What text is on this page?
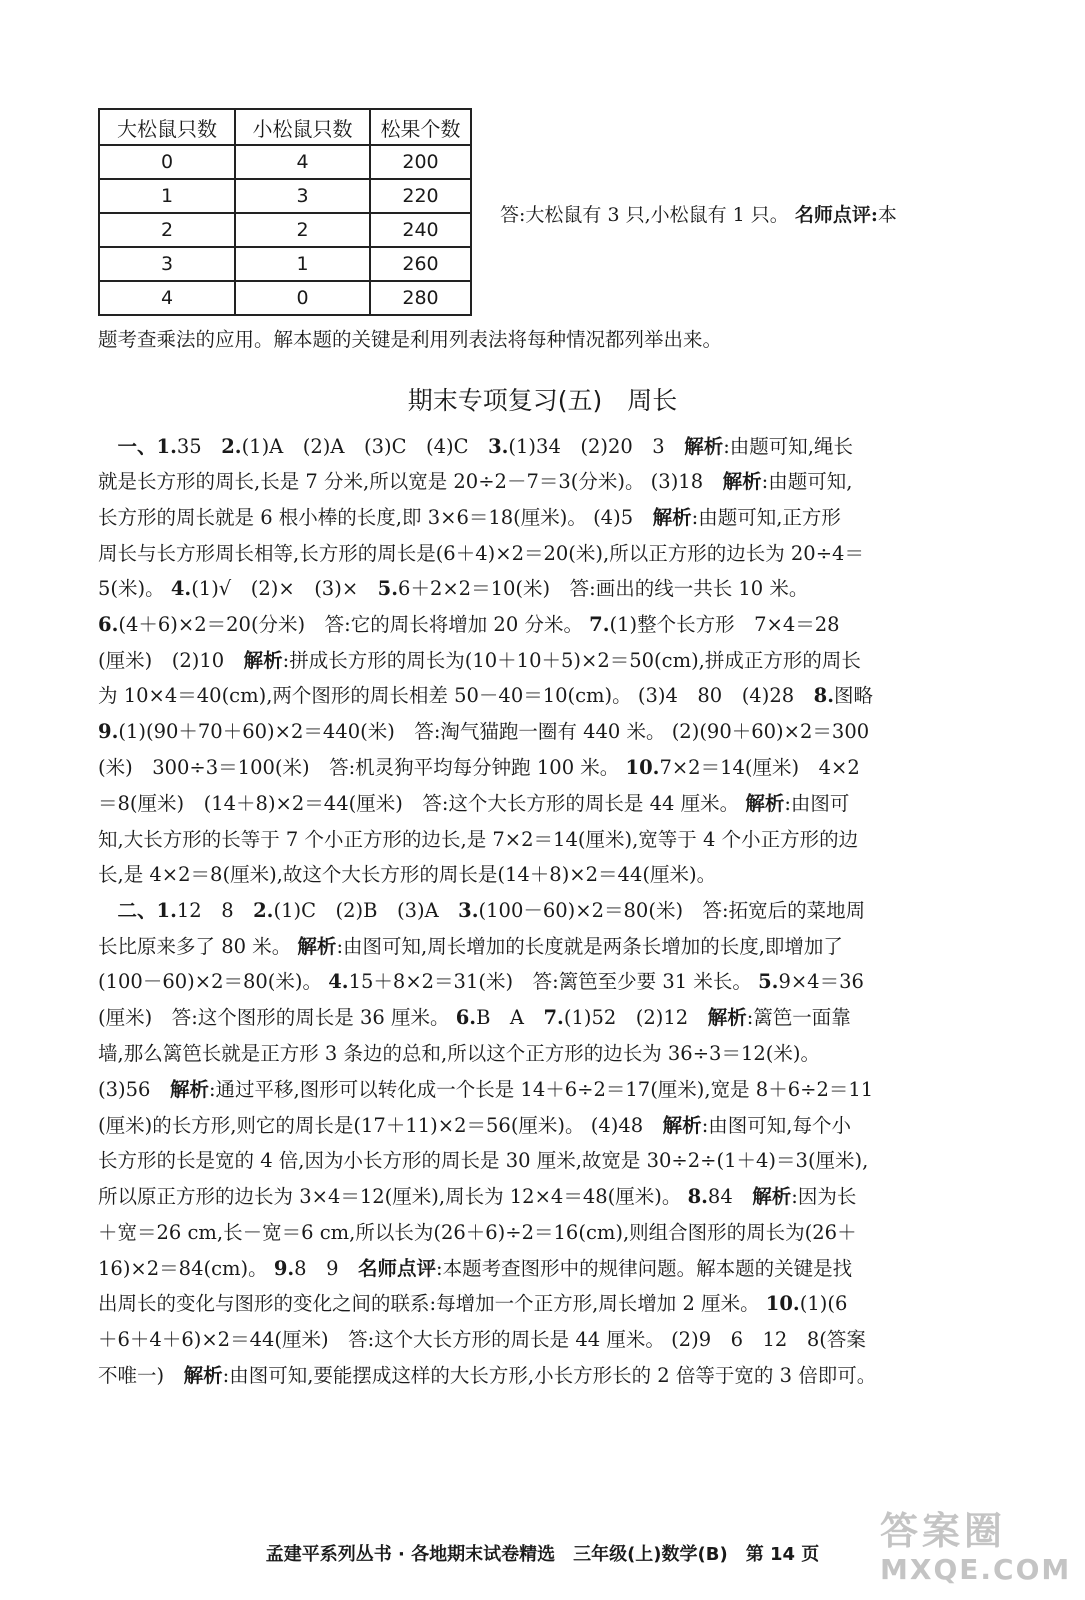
大松鼠只数	小松鼠只数	松果个数
0	4	200
1	3	220
2	2	240
3	1	260
4	0	280
答:大松鼠有 3 只,小松鼠有 1 只。 名师点评:本
题考查乘法的应用。解本题的关键是利用列表法将每种情况都列举出来。
期末专项复习(五)　周长
　一、1.35　2.(1)A　(2)A　(3)C　(4)C　3.(1)34　(2)20　3　解析:由题可知,绳长
就是长方形的周长,长是 7 分米,所以宽是 20÷2－7＝3(分米)。 (3)18　解析:由题可知,
长方形的周长就是 6 根小棒的长度,即 3×6＝18(厘米)。 (4)5　解析:由题可知,正方形
周长与长方形周长相等,长方形的周长是(6＋4)×2＝20(米),所以正方形的边长为 20÷4＝
5(米)。 4.(1)√　(2)×　(3)×　5.6＋2×2＝10(米)　答:画出的线一共长 10 米。
6.(4＋6)×2＝20(分米)　答:它的周长将增加 20 分米。 7.(1)整个长方形　7×4＝28
(厘米)　(2)10　解析:拼成长方形的周长为(10＋10＋5)×2＝50(cm),拼成正方形的周长
为 10×4＝40(cm),两个图形的周长相差 50－40＝10(cm)。 (3)4　80　(4)28　8.图略
9.(1)(90＋70＋60)×2＝440(米)　答:淘气猫跑一圈有 440 米。 (2)(90＋60)×2＝300
(米)　300÷3＝100(米)　答:机灵狗平均每分钟跑 100 米。 10.7×2＝14(厘米)　4×2
＝8(厘米)　(14＋8)×2＝44(厘米)　答:这个大长方形的周长是 44 厘米。 解析:由图可
知,大长方形的长等于 7 个小正方形的边长,是 7×2＝14(厘米),宽等于 4 个小正方形的边
长,是 4×2＝8(厘米),故这个大长方形的周长是(14＋8)×2＝44(厘米)。
　二、1.12　8　2.(1)C　(2)B　(3)A　3.(100－60)×2＝80(米)　答:拓宽后的菜地周
长比原来多了 80 米。 解析:由图可知,周长增加的长度就是两条长增加的长度,即增加了
(100－60)×2＝80(米)。 4.15＋8×2＝31(米)　答:篱笆至少要 31 米长。 5.9×4＝36
(厘米)　答:这个图形的周长是 36 厘米。 6.B　A　7.(1)52　(2)12　解析:篱笆一面靠
墙,那么篱笆长就是正方形 3 条边的总和,所以这个正方形的边长为 36÷3＝12(米)。
(3)56　解析:通过平移,图形可以转化成一个长是 14＋6÷2＝17(厘米),宽是 8＋6÷2＝11
(厘米)的长方形,则它的周长是(17＋11)×2＝56(厘米)。 (4)48　解析:由图可知,每个小
长方形的长是宽的 4 倍,因为小长方形的周长是 30 厘米,故宽是 30÷2÷(1＋4)＝3(厘米),
所以原正方形的边长为 3×4＝12(厘米),周长为 12×4＝48(厘米)。 8.84　解析:因为长
＋宽＝26 cm,长－宽＝6 cm,所以长为(26＋6)÷2＝16(cm),则组合图形的周长为(26＋
16)×2＝84(cm)。 9.8　9　名师点评:本题考查图形中的规律问题。解本题的关键是找
出周长的变化与图形的变化之间的联系:每增加一个正方形,周长增加 2 厘米。 10.(1)(6
＋6＋4＋6)×2＝44(厘米)　答:这个大长方形的周长是 44 厘米。 (2)9　6　12　8(答案
不唯一)　解析:由图可知,要能摆成这样的大长方形,小长方形长的 2 倍等于宽的 3 倍即可。
孟建平系列丛书 · 各地期末试卷精选　三年级(上)数学(B)　第 14 页
答案圈
MXQE.COM
